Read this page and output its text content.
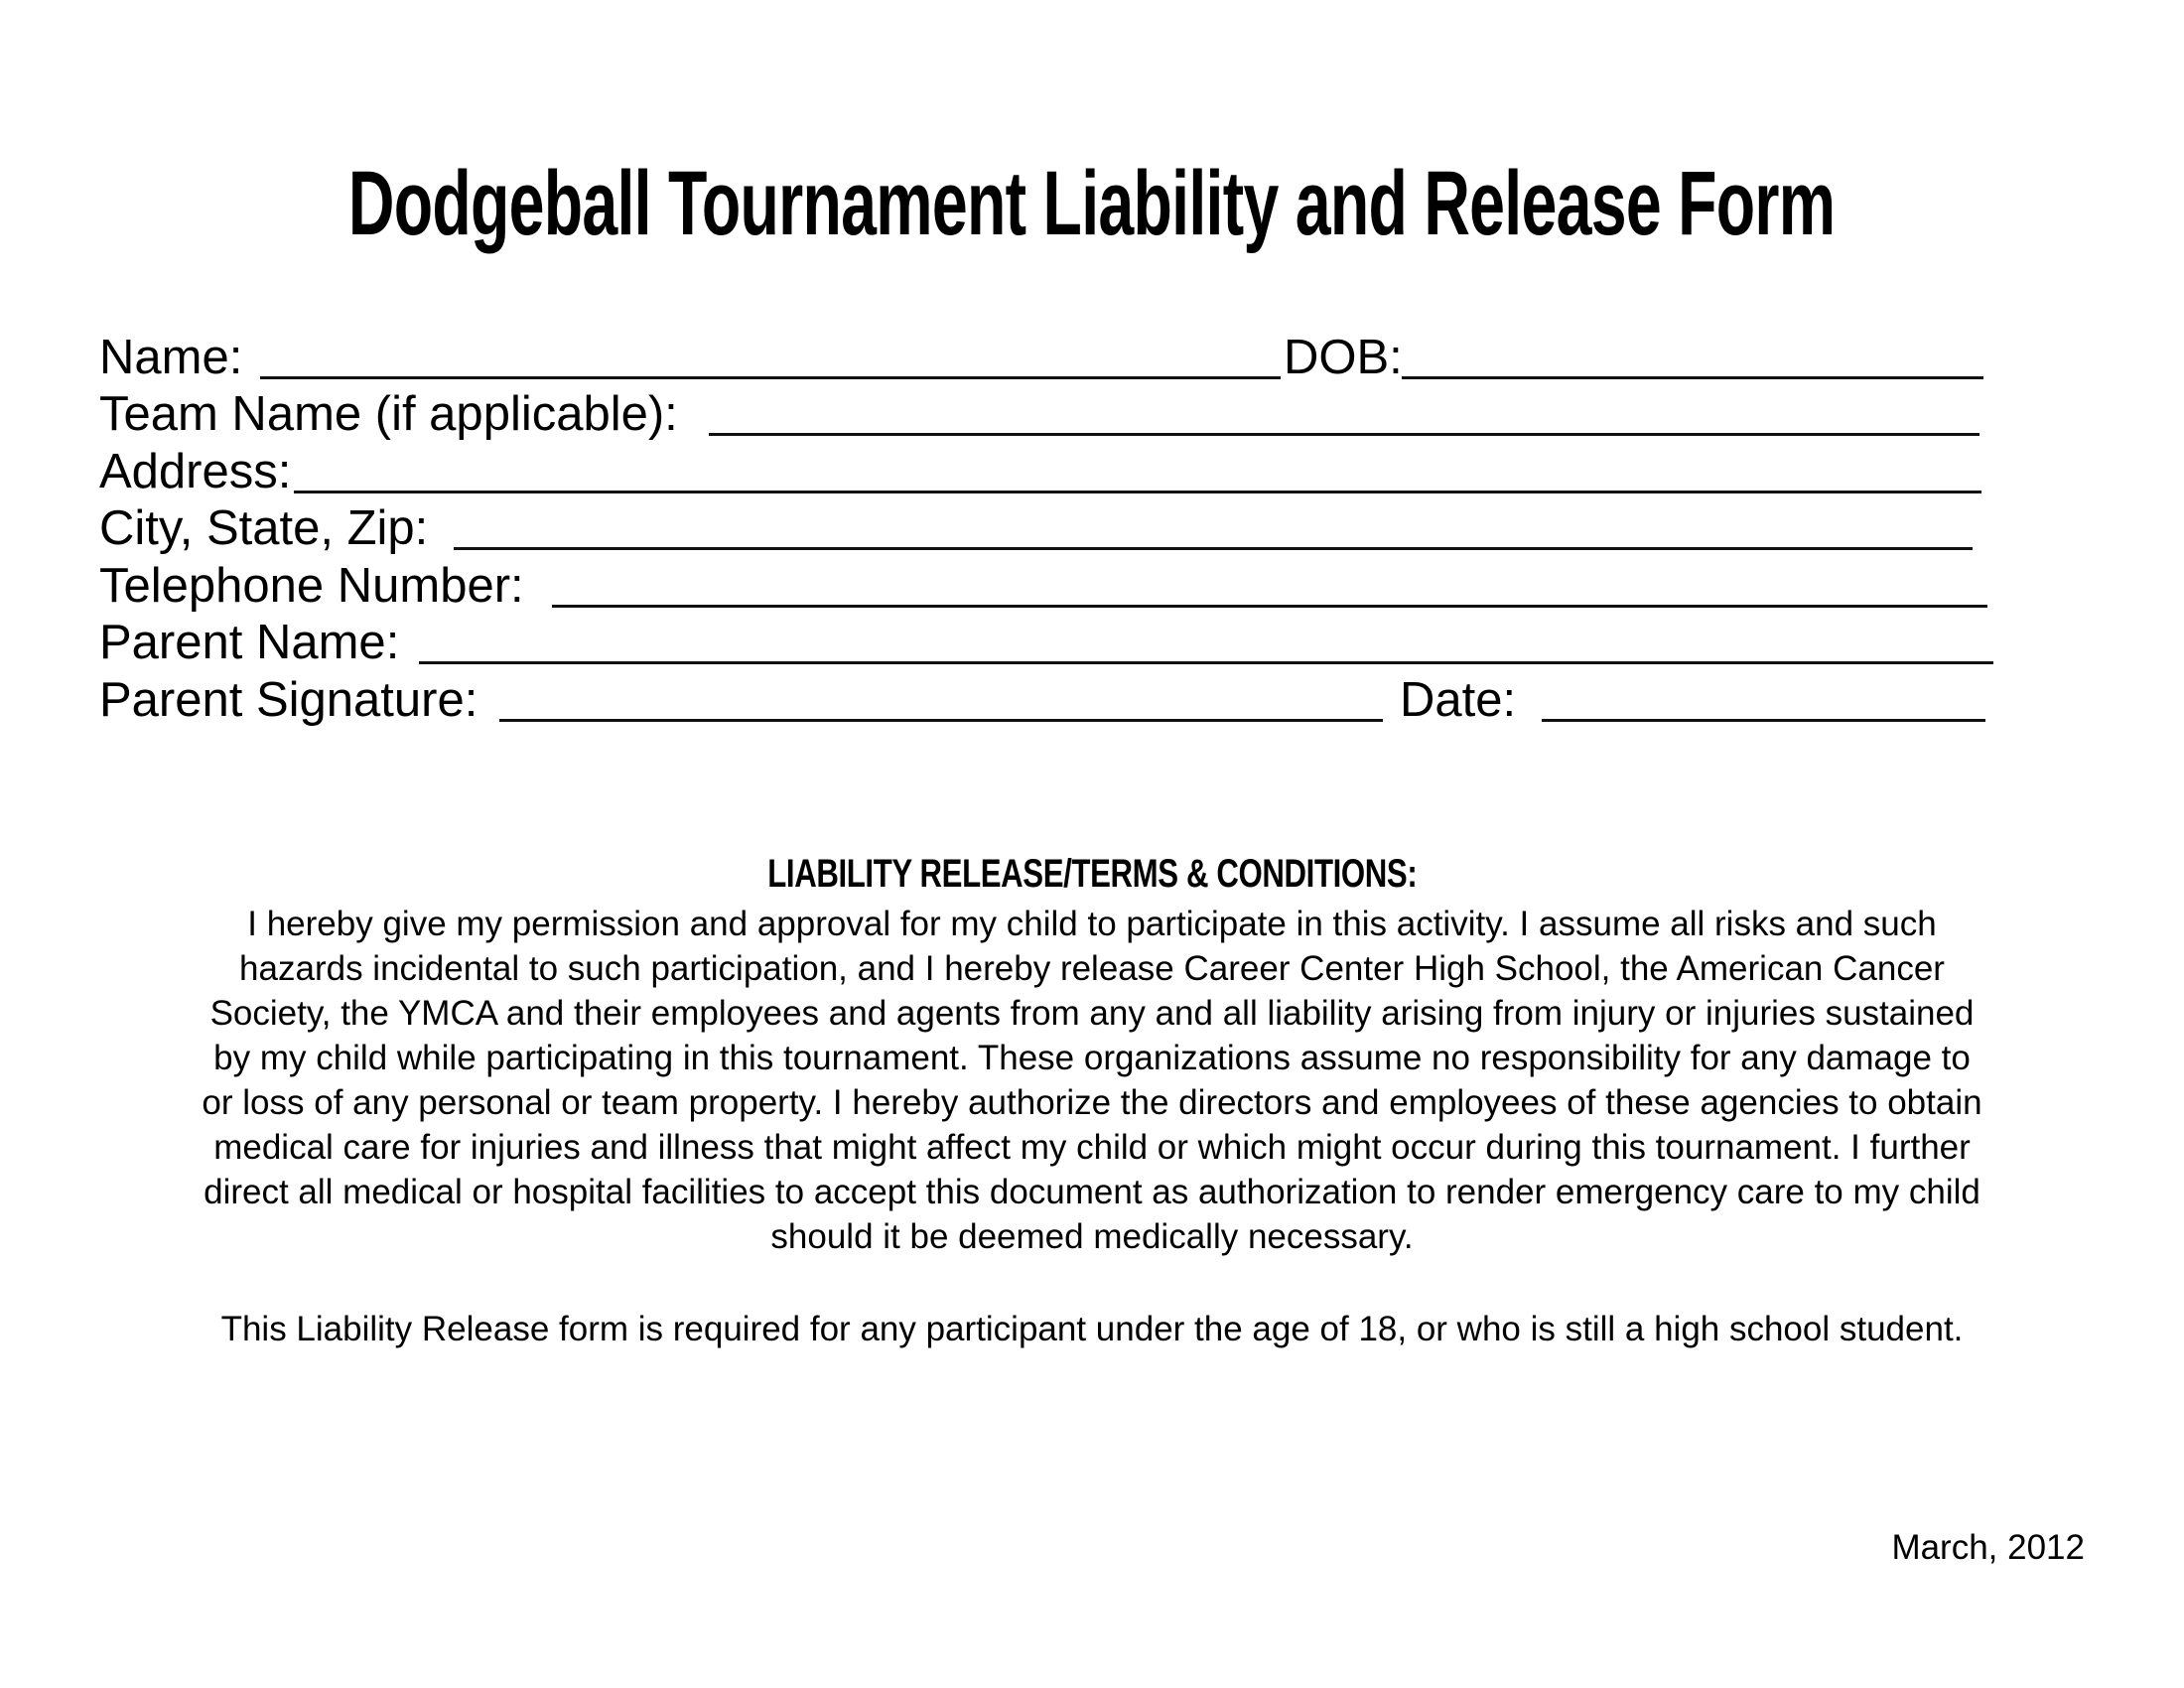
Dodgeball Tournament Liability and Release Form
Name:	DOB:
Team Name (if applicable):
Address:
City, State, Zip:
Telephone Number:
Parent Name:
Parent Signature:	Date:
LIABILITY RELEASE/TERMS & CONDITIONS:
I hereby give my permission and approval for my child to participate in this activity. I assume all risks and such
hazards incidental to such participation, and I hereby release Career Center High School, the American Cancer
Society, the YMCA and their employees and agents from any and all liability arising from injury or injuries sustained
by my child while participating in this tournament. These organizations assume no responsibility for any damage to
or loss of any personal or team property. I hereby authorize the directors and employees of these agencies to obtain
medical care for injuries and illness that might affect my child or which might occur during this tournament. I further
direct all medical or hospital facilities to accept this document as authorization to render emergency care to my child
should it be deemed medically necessary.
This Liability Release form is required for any participant under the age of 18, or who is still a high school student.
March, 2012
